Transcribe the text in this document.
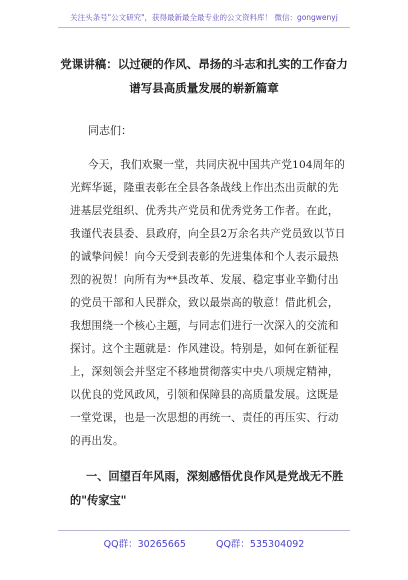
关注头条号"公文研究"，获得最新最全最专业的公文资料库！ 微信：gongwenyj
党课讲稿：以过硬的作风、昂扬的斗志和扎实的工作奋力
谱写县高质量发展的崭新篇章
同志们：
今天，我们欢聚一堂，共同庆祝中国共产党104周年的
光辉华诞，隆重表彰在全县各条战线上作出杰出贡献的先
进基层党组织、优秀共产党员和优秀党务工作者。在此，
我谨代表县委、县政府，向全县2万余名共产党员致以节日
的诚挚问候！向今天受到表彰的先进集体和个人表示最热
烈的祝贺！向所有为**县改革、发展、稳定事业辛勤付出
的党员干部和人民群众，致以最崇高的敬意！借此机会，
我想围绕一个核心主题，与同志们进行一次深入的交流和
探讨。这个主题就是：作风建设。特别是，如何在新征程
上，深刻领会并坚定不移地贯彻落实中央八项规定精神，
以优良的党风政风，引领和保障县的高质量发展。这既是
一堂党课，也是一次思想的再统一、责任的再压实、行动
的再出发。
一、回望百年风雨，深刻感悟优良作风是党战无不胜
的"传家宝"
QQ群：30265665	QQ群：535304092
